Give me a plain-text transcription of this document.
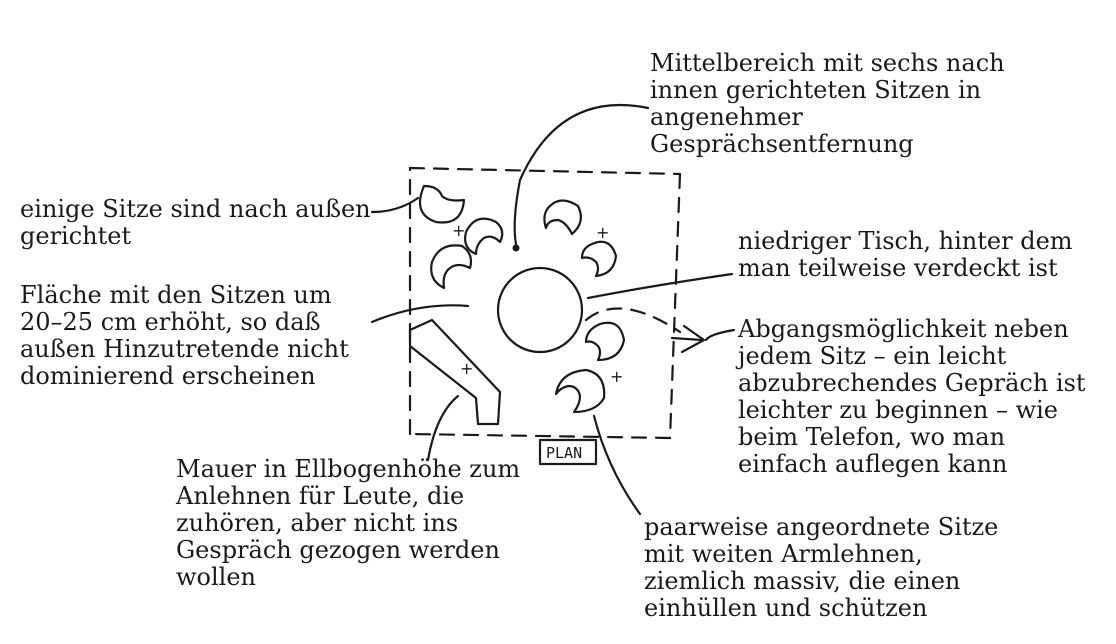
+	+
+
+
PLAN

Mittelbereich mit sechs nach
innen gerichteten Sitzen in
angenehmer
Gesprächsentfernung

einige Sitze sind nach außen
gerichtet	niedriger Tisch, hinter dem
man teilweise verdeckt ist

Fläche mit den Sitzen um
20–25 cm erhöht, so daß
außen Hinzutretende nicht
dominierend erscheinen

Abgangsmöglichkeit neben
jedem Sitz – ein leicht
abzubrechendes Gepräch ist
leichter zu beginnen – wie
beim Telefon, wo man
einfach auflegen kann

Mauer in Ellbogenhöhe zum
Anlehnen für Leute, die
zuhören, aber nicht ins
Gespräch gezogen werden
wollen

paarweise angeordnete Sitze
mit weiten Armlehnen,
ziemlich massiv, die einen
einhüllen und schützen
